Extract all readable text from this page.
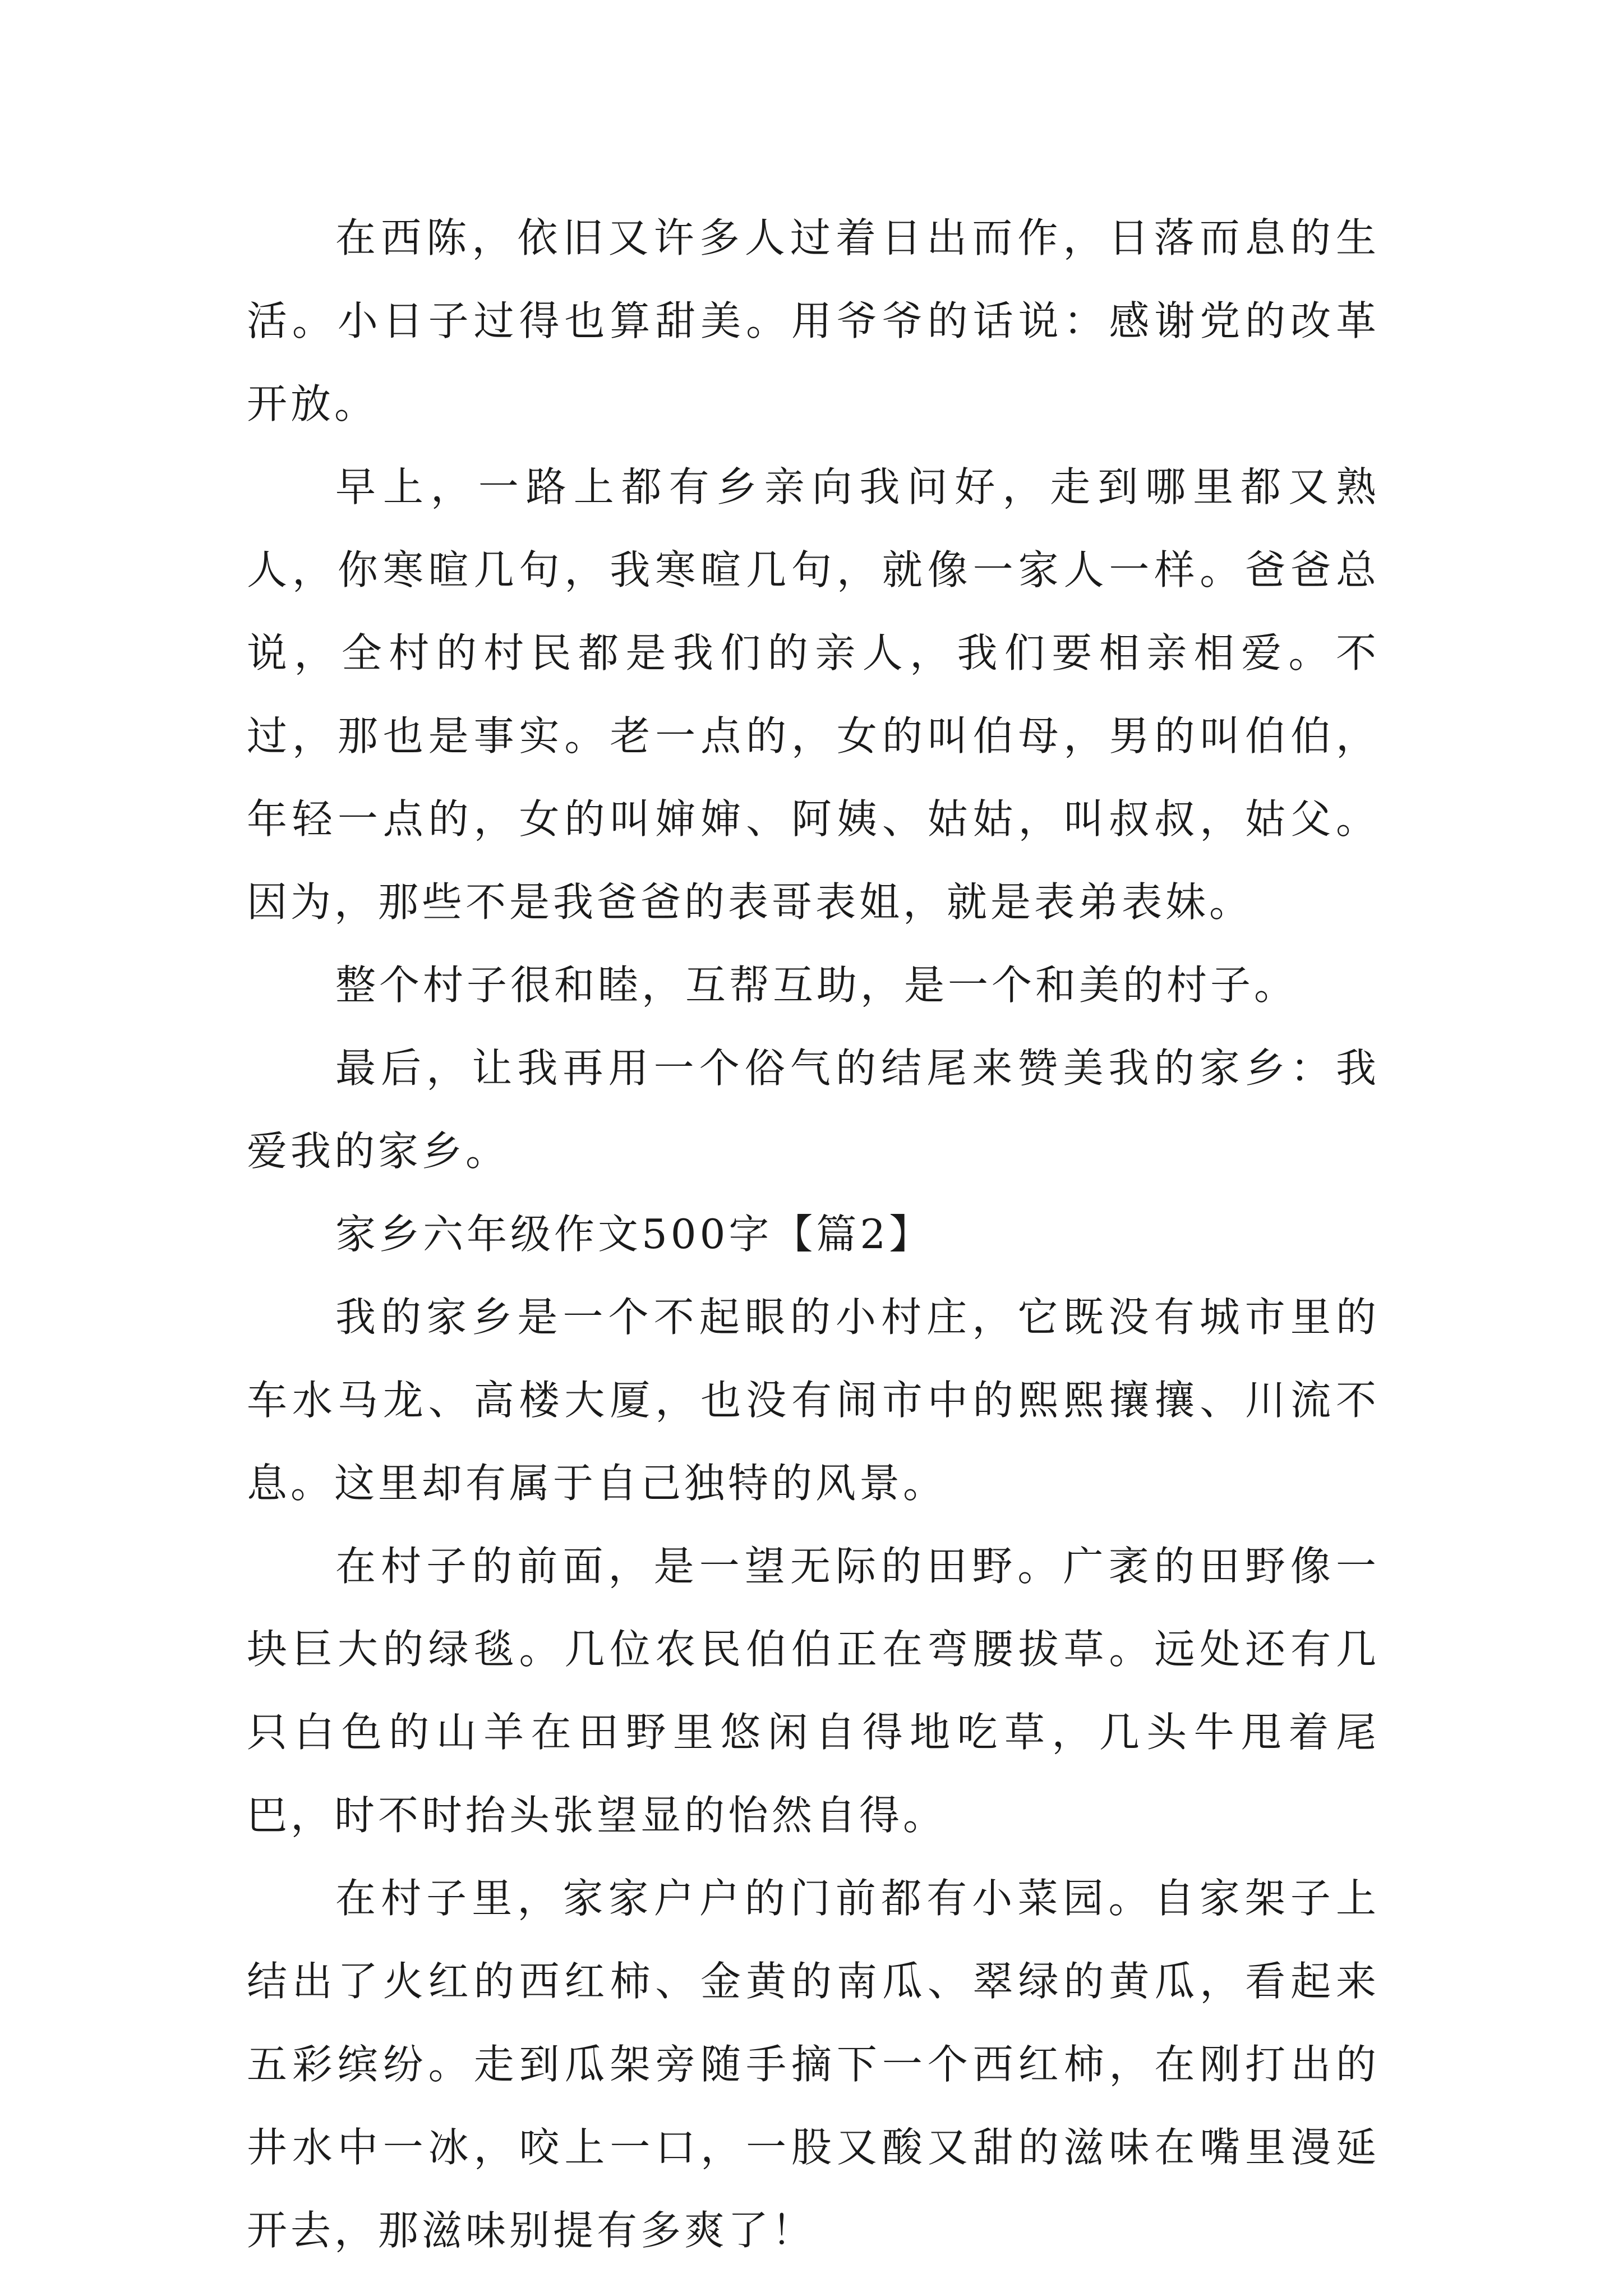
在西陈，依旧又许多人过着日出而作，日落而息的生活。小日子过得也算甜美。用爷爷的话说：感谢党的改革开放。

早上，一路上都有乡亲向我问好，走到哪里都又熟人，你寒暄几句，我寒暄几句，就像一家人一样。爸爸总说，全村的村民都是我们的亲人，我们要相亲相爱。不过，那也是事实。老一点的，女的叫伯母，男的叫伯伯，年轻一点的，女的叫婶婶、阿姨、姑姑，叫叔叔，姑父。因为，那些不是我爸爸的表哥表姐，就是表弟表妹。

整个村子很和睦，互帮互助，是一个和美的村子。

最后，让我再用一个俗气的结尾来赞美我的家乡：我爱我的家乡。

家乡六年级作文500字【篇2】

我的家乡是一个不起眼的小村庄，它既没有城市里的车水马龙、高楼大厦，也没有闹市中的熙熙攘攘、川流不息。这里却有属于自己独特的风景。

在村子的前面，是一望无际的田野。广袤的田野像一块巨大的绿毯。几位农民伯伯正在弯腰拔草。远处还有几只白色的山羊在田野里悠闲自得地吃草，几头牛甩着尾巴，时不时抬头张望显的怡然自得。

在村子里，家家户户的门前都有小菜园。自家架子上结出了火红的西红柿、金黄的南瓜、翠绿的黄瓜，看起来五彩缤纷。走到瓜架旁随手摘下一个西红柿，在刚打出的井水中一冰，咬上一口，一股又酸又甜的滋味在嘴里漫延开去，那滋味别提有多爽了！
